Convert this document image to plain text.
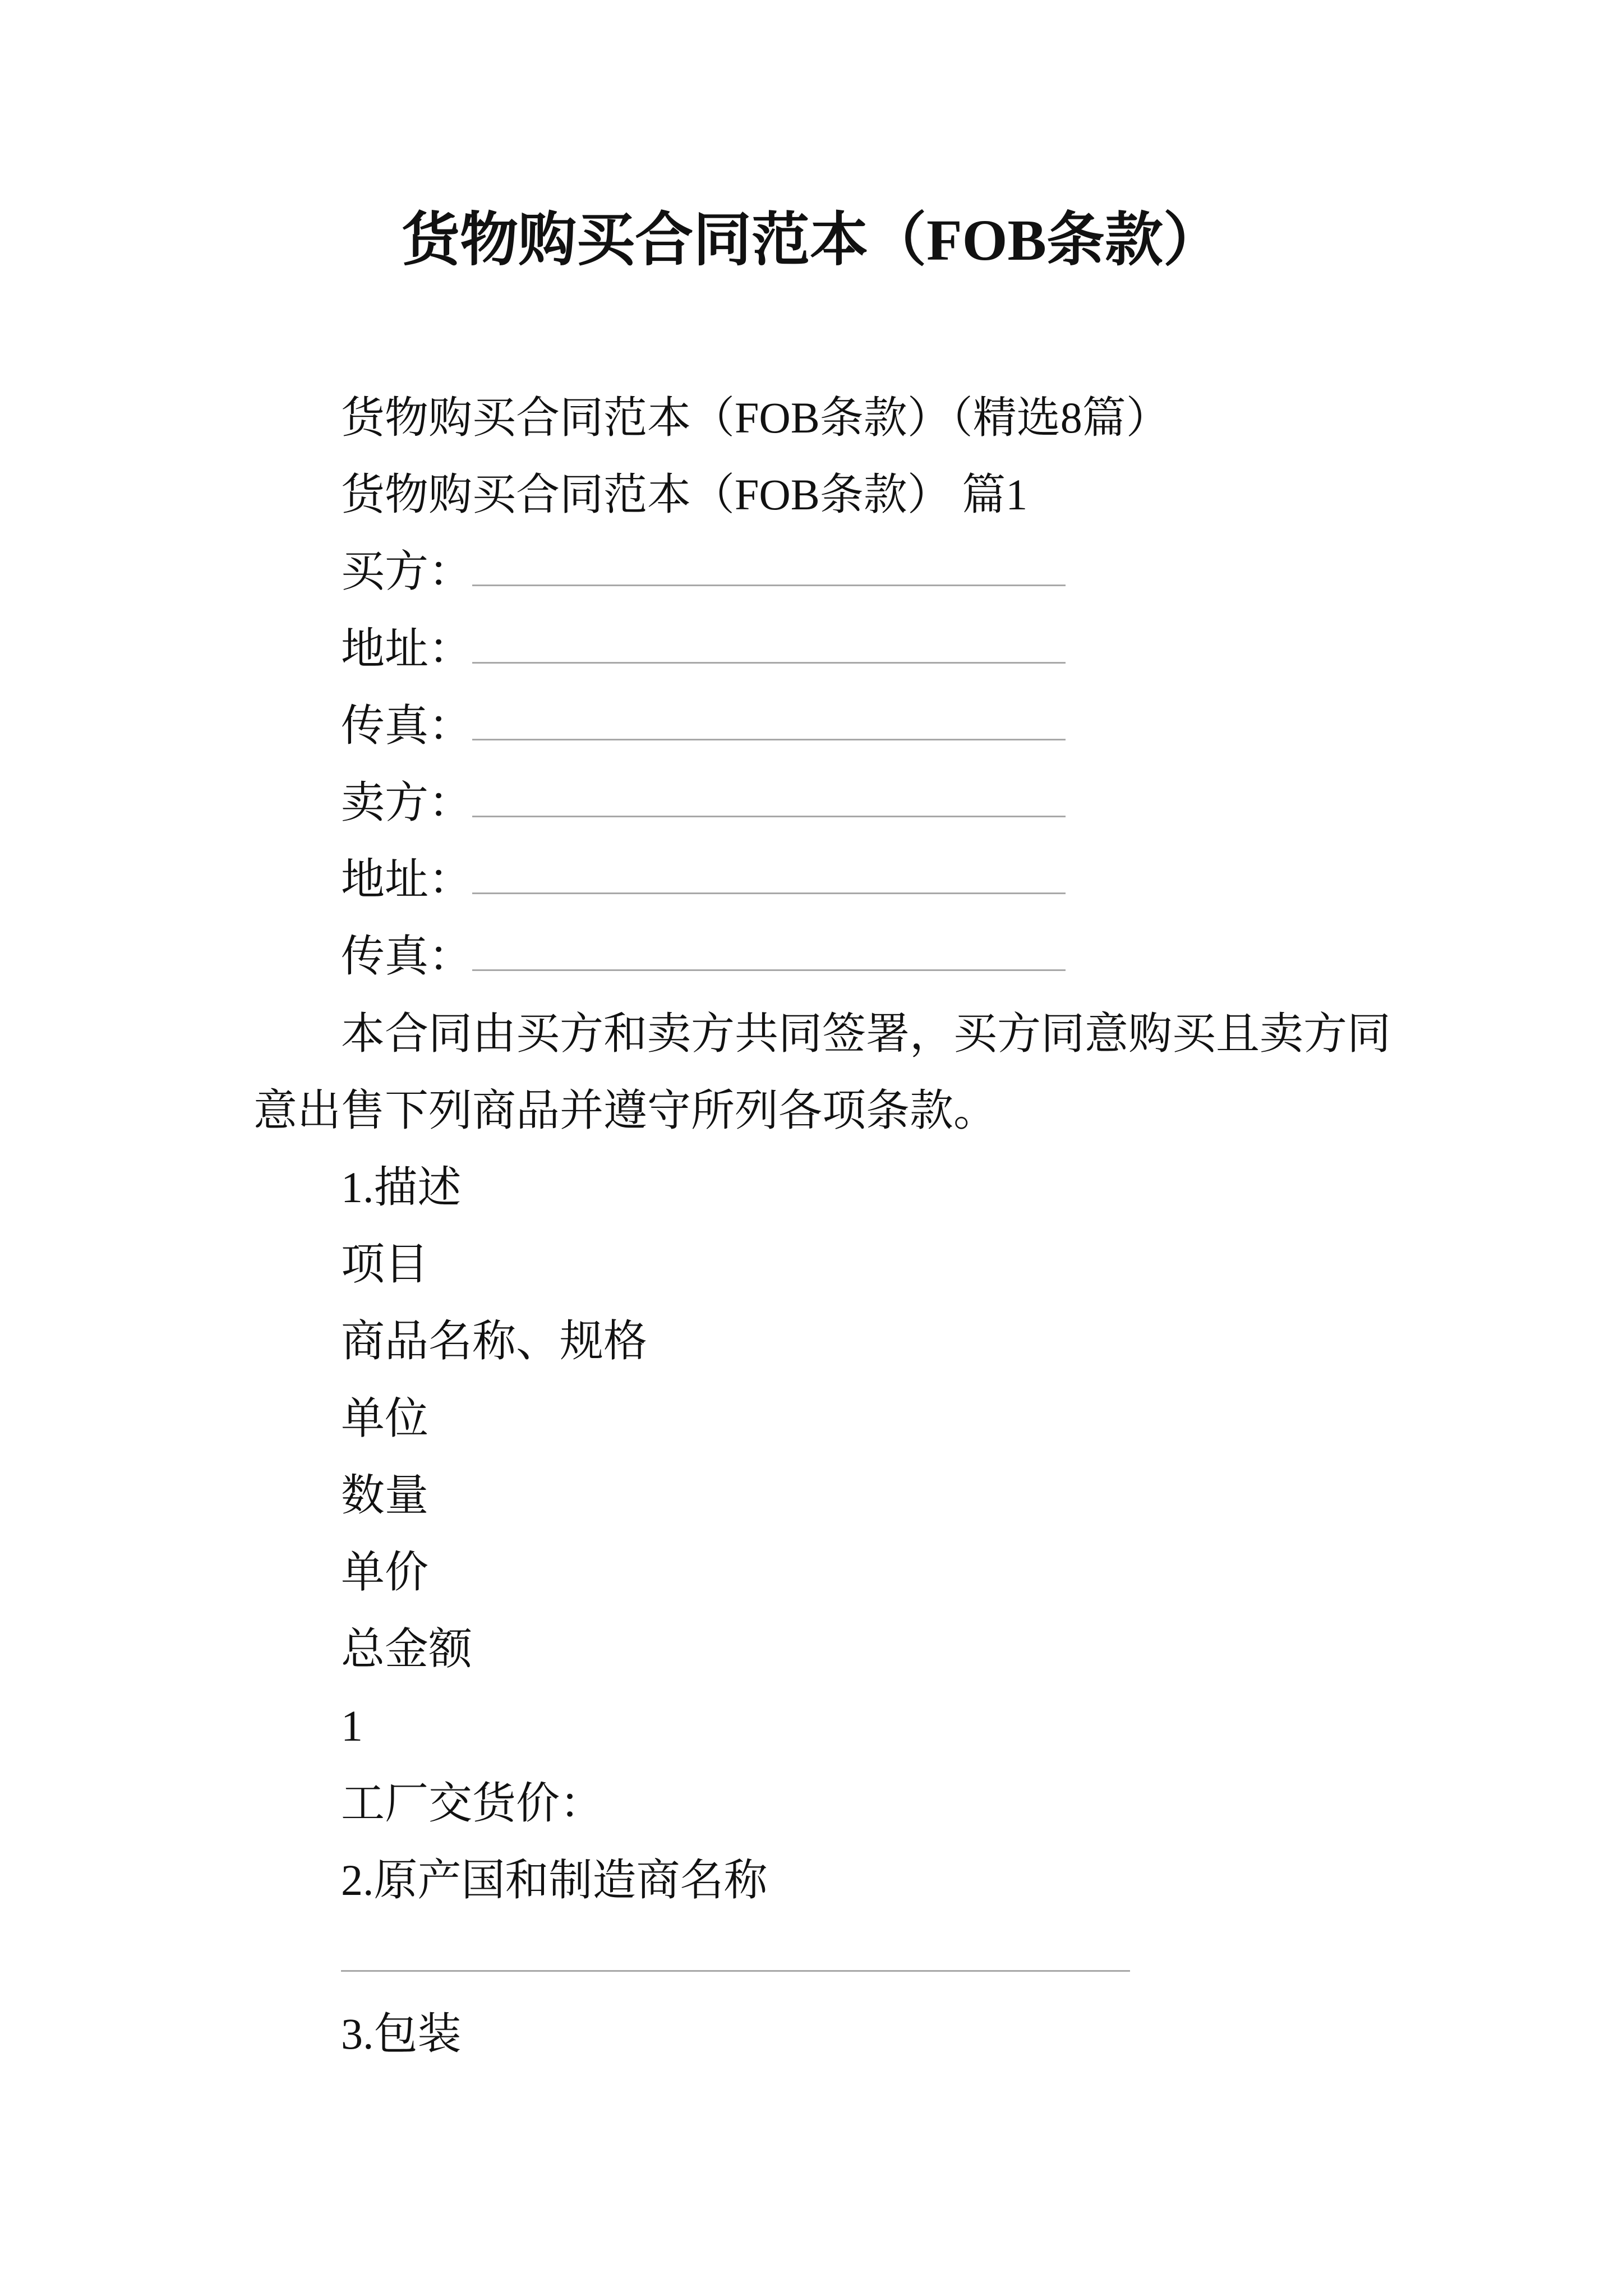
货物购买合同范本（FOB条款）
货物购买合同范本（FOB条款）（精选8篇）
货物购买合同范本（FOB条款） 篇1
买方：
地址：
传真：
卖方：
地址：
传真：
本合同由买方和卖方共同签署，买方同意购买且卖方同意出售下列商品并遵守所列各项条款。
1.描述
项目
商品名称、规格
单位
数量
单价
总金额
1
工厂交货价：
2.原产国和制造商名称
3.包装
